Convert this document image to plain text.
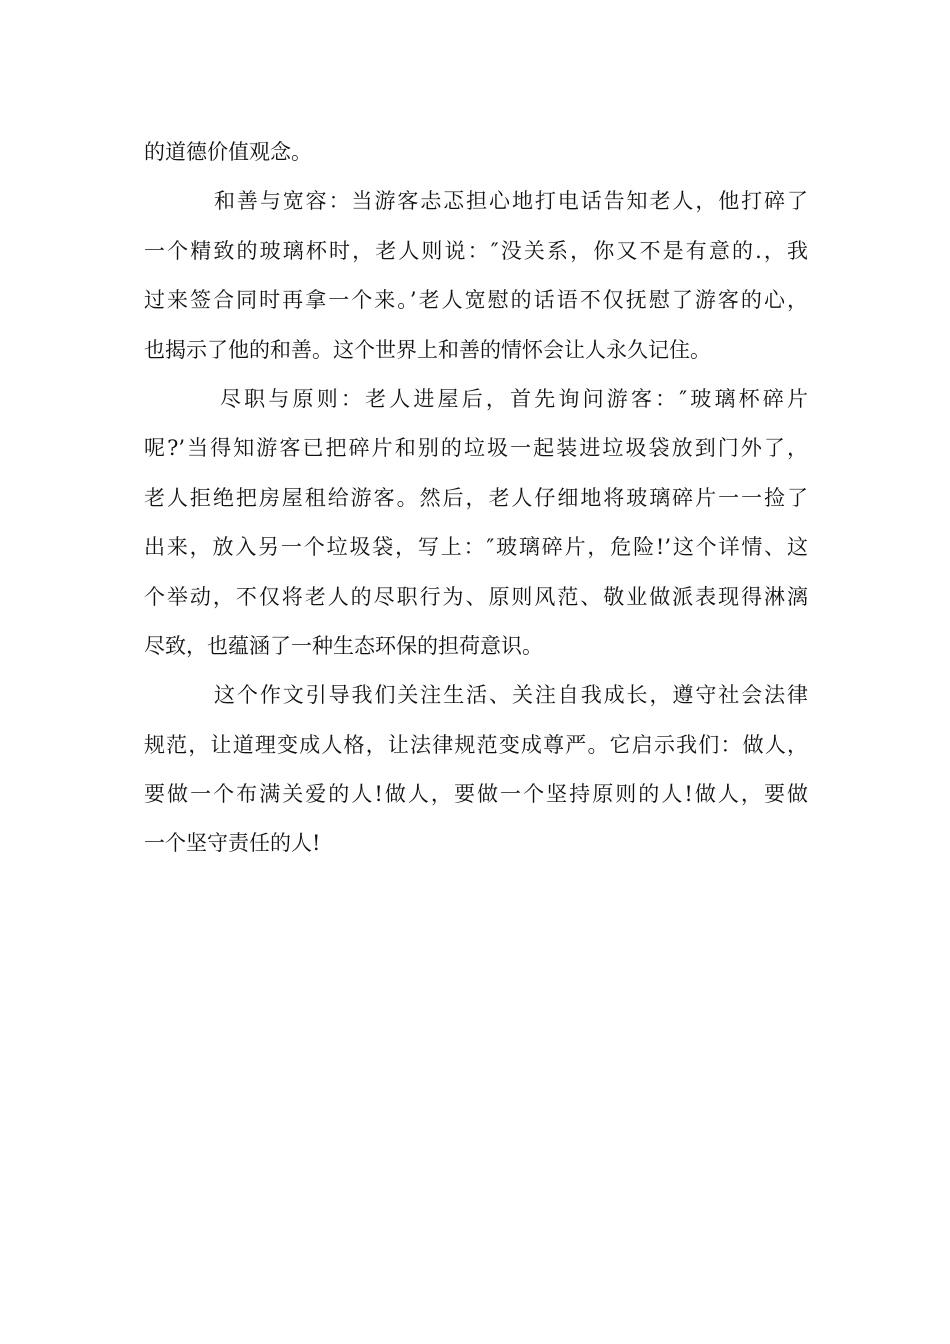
的道德价值观念。
和善与宽容：当游客忐忑担心地打电话告知老人，他打碎了
一个精致的玻璃杯时，老人则说：″没关系，你又不是有意的.，我
过来签合同时再拿一个来。’老人宽慰的话语不仅抚慰了游客的心，
也揭示了他的和善。这个世界上和善的情怀会让人永久记住。
尽职与原则：老人进屋后，首先询问游客：″玻璃杯碎片
呢?’当得知游客已把碎片和别的垃圾一起装进垃圾袋放到门外了，
老人拒绝把房屋租给游客。然后，老人仔细地将玻璃碎片一一捡了
出来，放入另一个垃圾袋，写上：″玻璃碎片，危险!’这个详情、这
个举动，不仅将老人的尽职行为、原则风范、敬业做派表现得淋漓
尽致，也蕴涵了一种生态环保的担荷意识。
这个作文引导我们关注生活、关注自我成长，遵守社会法律
规范，让道理变成人格，让法律规范变成尊严。它启示我们：做人，
要做一个布满关爱的人!做人，要做一个坚持原则的人!做人，要做
一个坚守责任的人!
